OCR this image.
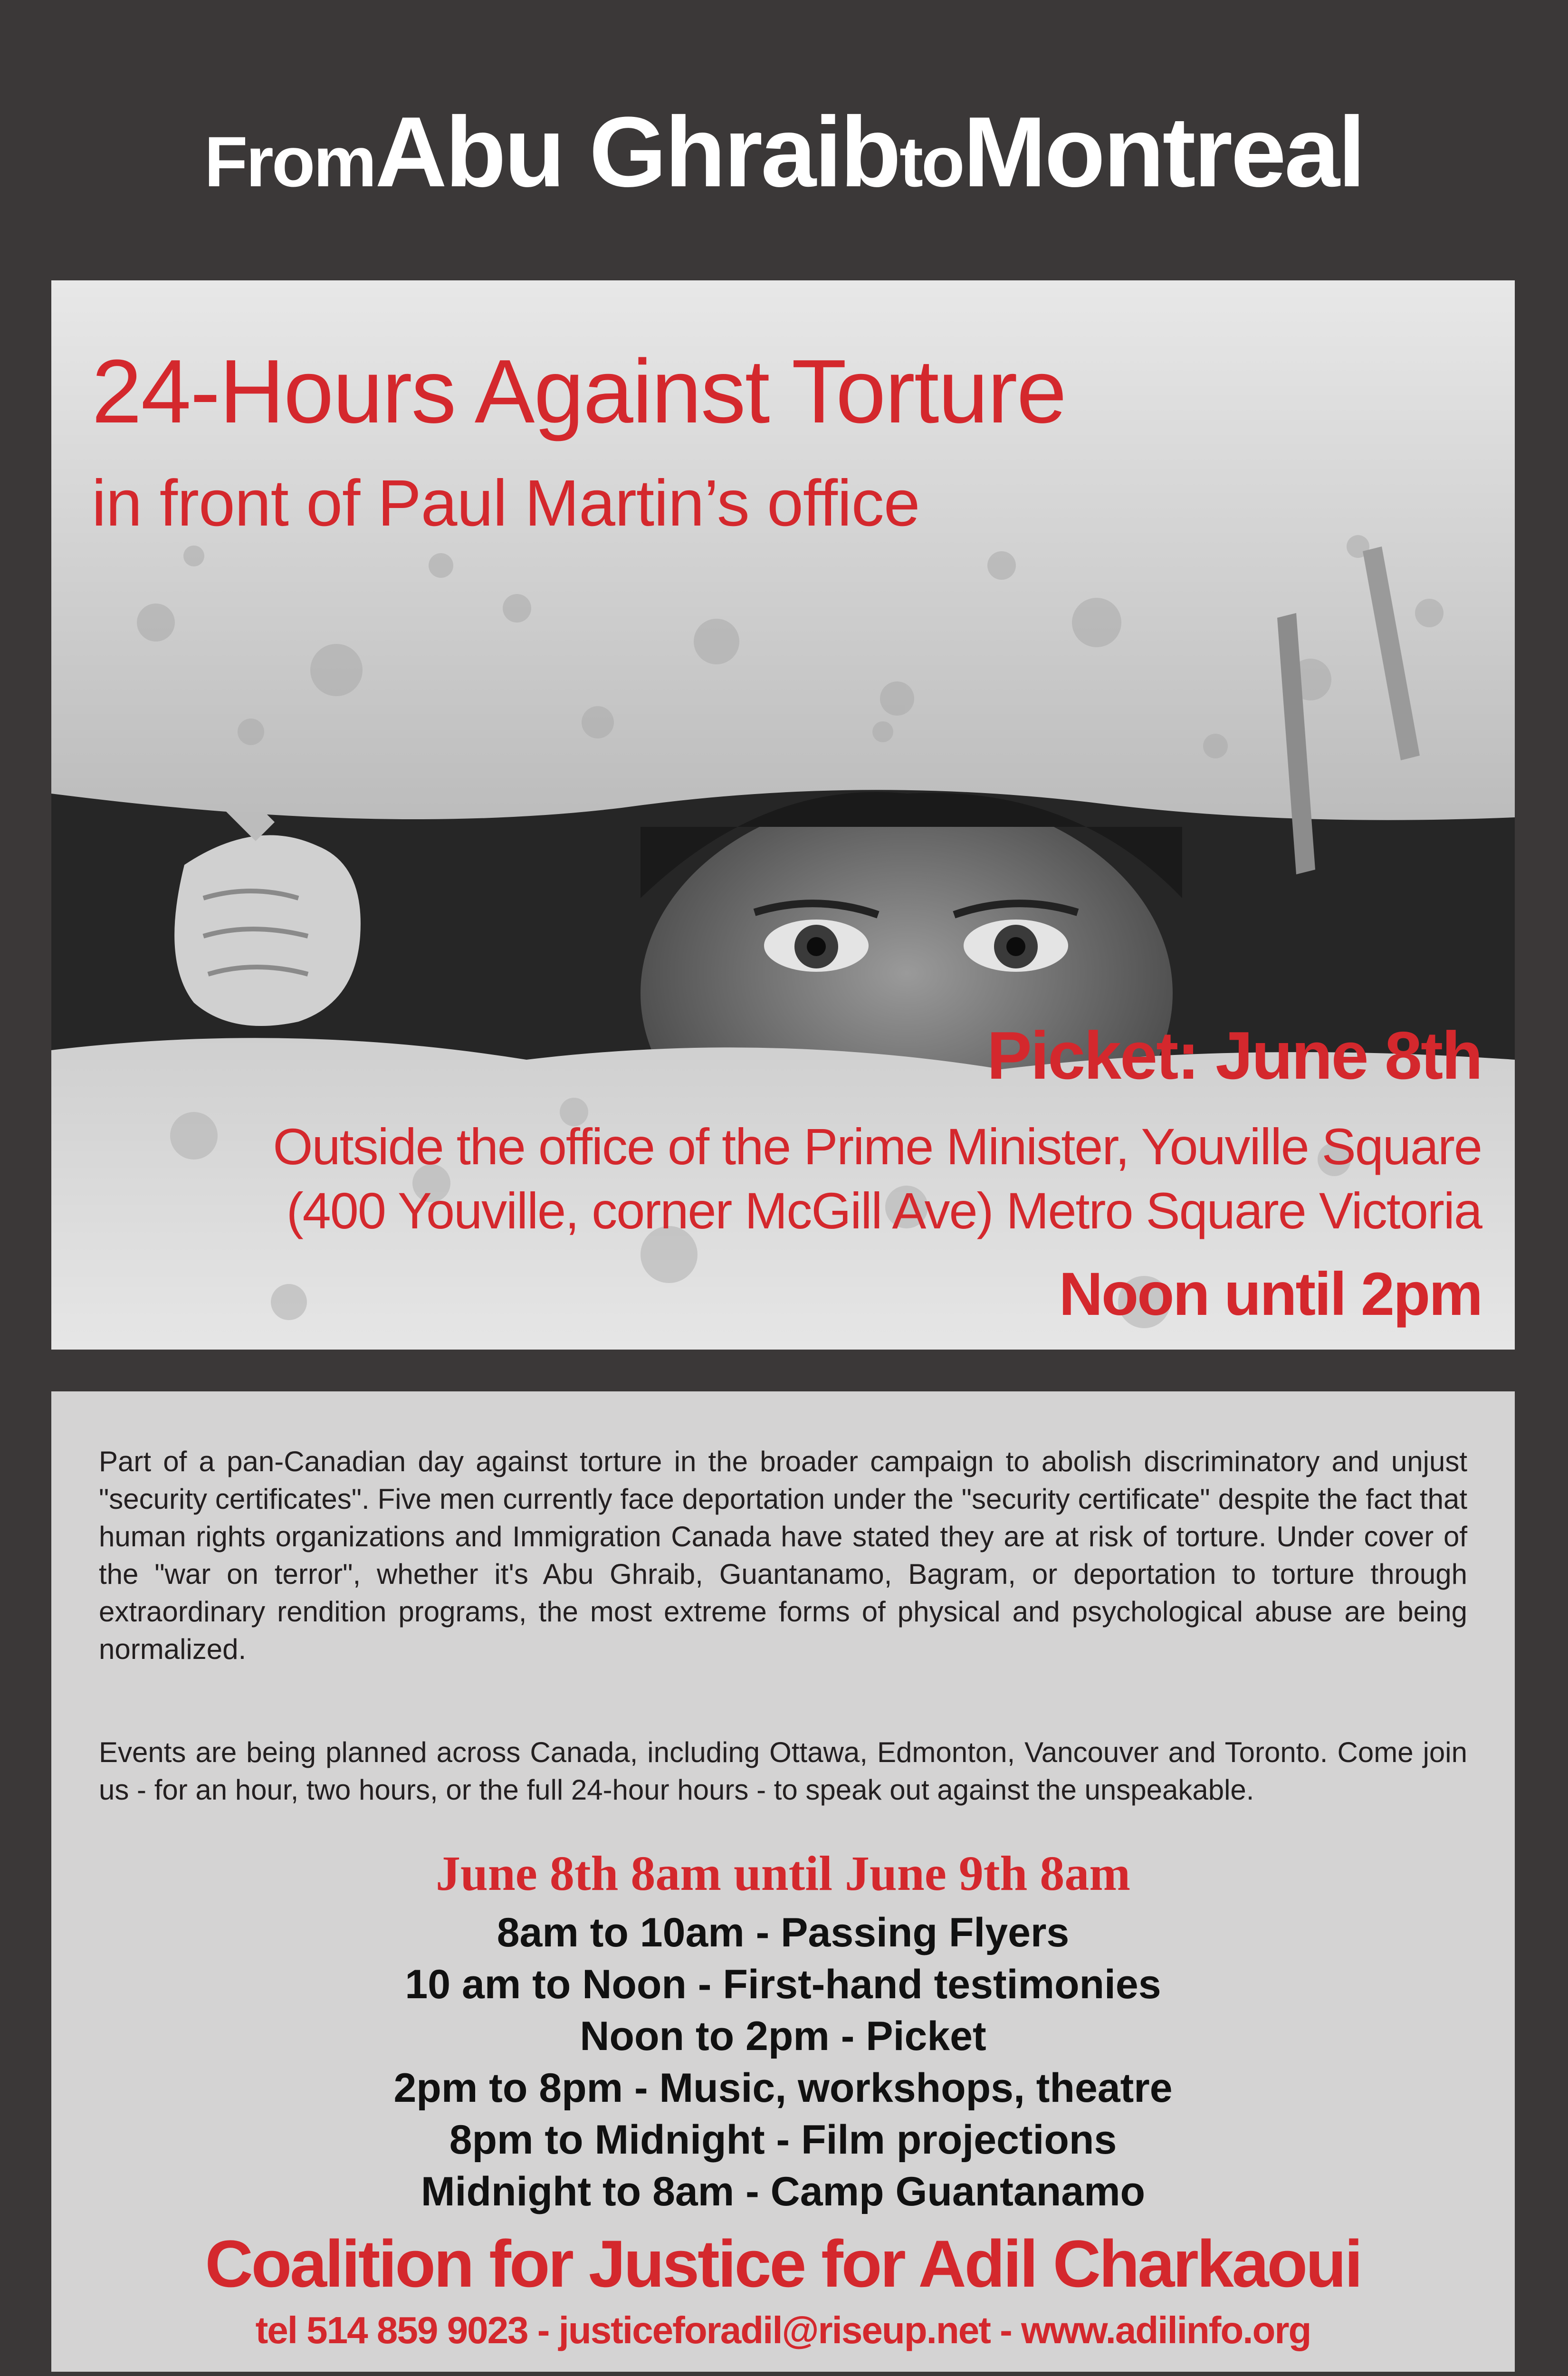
From Abu Ghraib to Montreal
24-Hours Against Torture
in front of Paul Martin’s office
Picket: June 8th
Outside the office of the Prime Minister, Youville Square
(400 Youville, corner McGill Ave) Metro Square Victoria
Noon until 2pm

Part of a pan-Canadian day against torture in the broader campaign to abolish discriminatory and unjust "security certificates". Five men currently face deportation under the "security certificate" despite the fact that human rights organizations and Immigration Canada have stated they are at risk of torture. Under cover of the "war on terror", whether it's Abu Ghraib, Guantanamo, Bagram, or deportation to torture through extraordinary rendition programs, the most extreme forms of physical and psychological abuse are being normalized.

Events are being planned across Canada, including Ottawa, Edmonton, Vancouver and Toronto. Come join us - for an hour, two hours, or the full 24-hour hours - to speak out against the unspeakable.

June 8th 8am until June 9th 8am
8am to 10am - Passing Flyers
10 am to Noon - First-hand testimonies
Noon to 2pm - Picket
2pm to 8pm - Music, workshops, theatre
8pm to Midnight - Film projections
Midnight to 8am - Camp Guantanamo
Coalition for Justice for Adil Charkaoui
tel 514 859 9023 - justiceforadil@riseup.net - www.adilinfo.org
